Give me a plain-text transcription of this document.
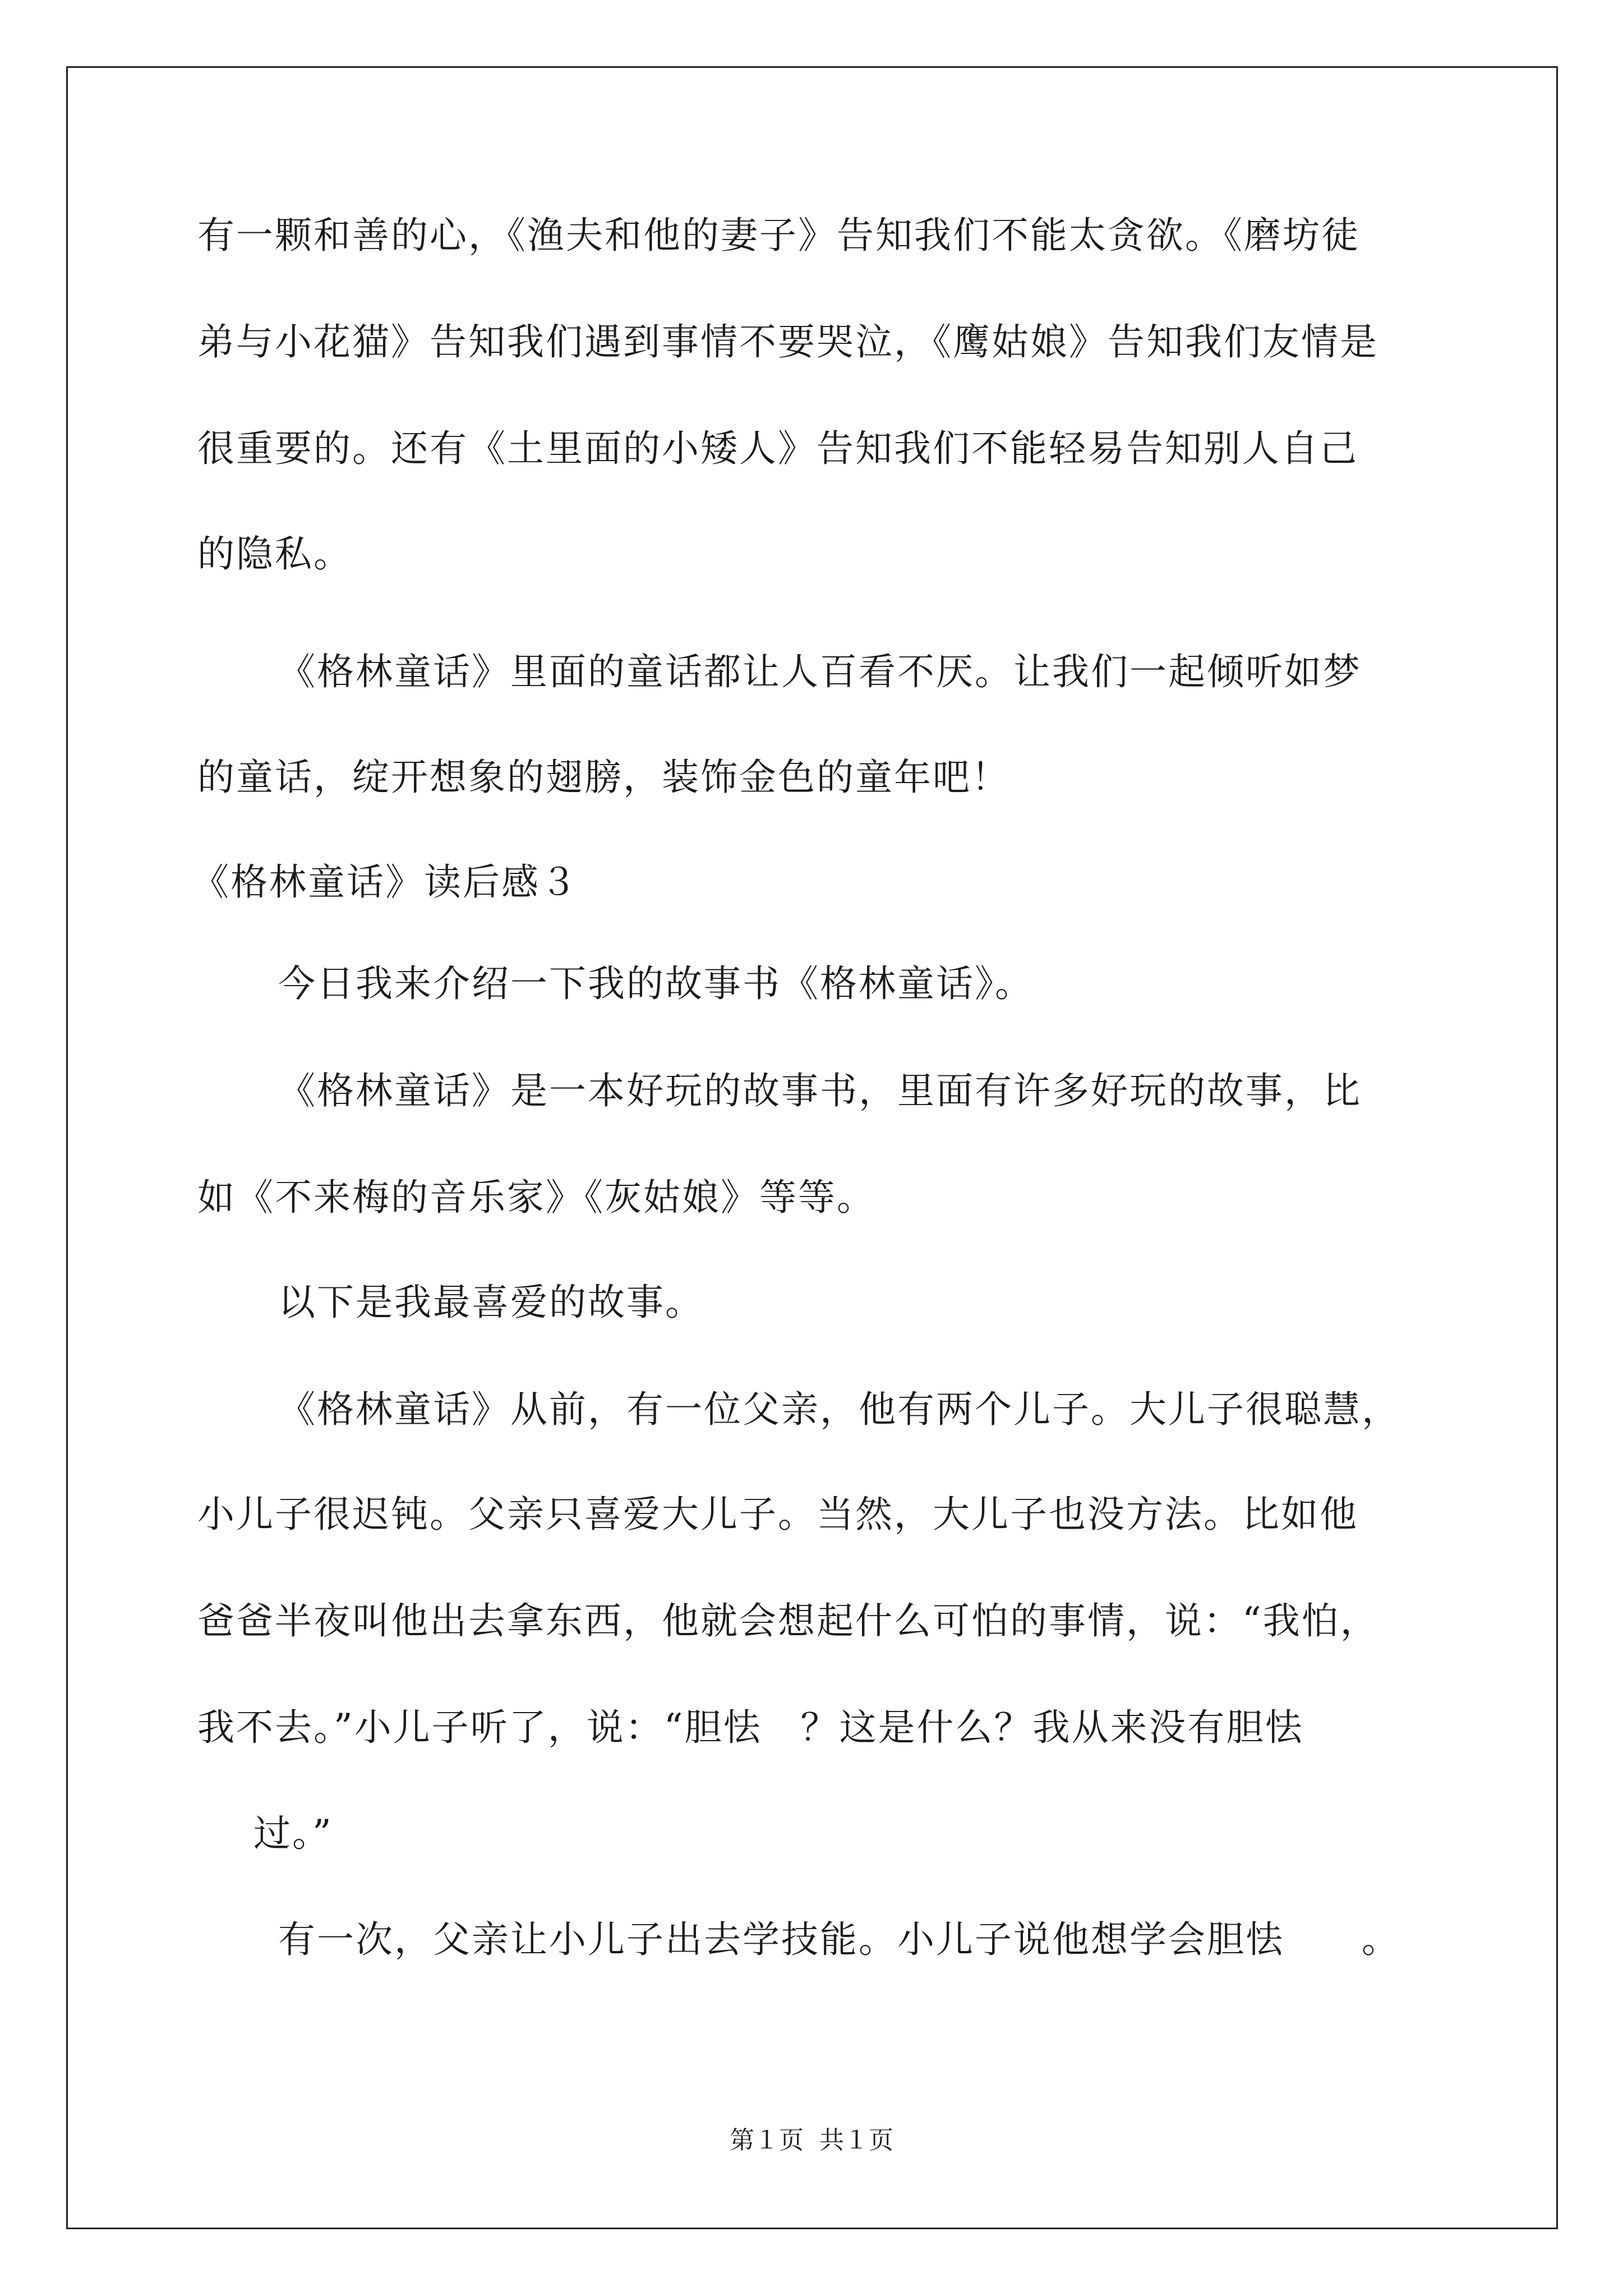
有一颗和善的心，《渔夫和他的妻子》告知我们不能太贪欲。《磨坊徒
弟与小花猫》告知我们遇到事情不要哭泣，《鹰姑娘》告知我们友情是
很重要的。还有《土里面的小矮人》告知我们不能轻易告知别人自己
的隐私。
《格林童话》里面的童话都让人百看不厌。让我们一起倾听如梦
的童话，绽开想象的翅膀，装饰金色的童年吧！
《格林童话》读后感３
今日我来介绍一下我的故事书《格林童话》。
《格林童话》是一本好玩的故事书，里面有许多好玩的故事，比
如《不来梅的音乐家》《灰姑娘》等等。
以下是我最喜爱的故事。
《格林童话》从前，有一位父亲，他有两个儿子。大儿子很聪慧，
小儿子很迟钝。父亲只喜爱大儿子。当然，大儿子也没方法。比如他
爸爸半夜叫他出去拿东西，他就会想起什么可怕的事情，说：“我怕，
我不去。”小儿子听了，说：“胆怯　？这是什么？我从来没有胆怯
过。”
有一次，父亲让小儿子出去学技能。小儿子说他想学会胆怯　　。
第１页 共１页
